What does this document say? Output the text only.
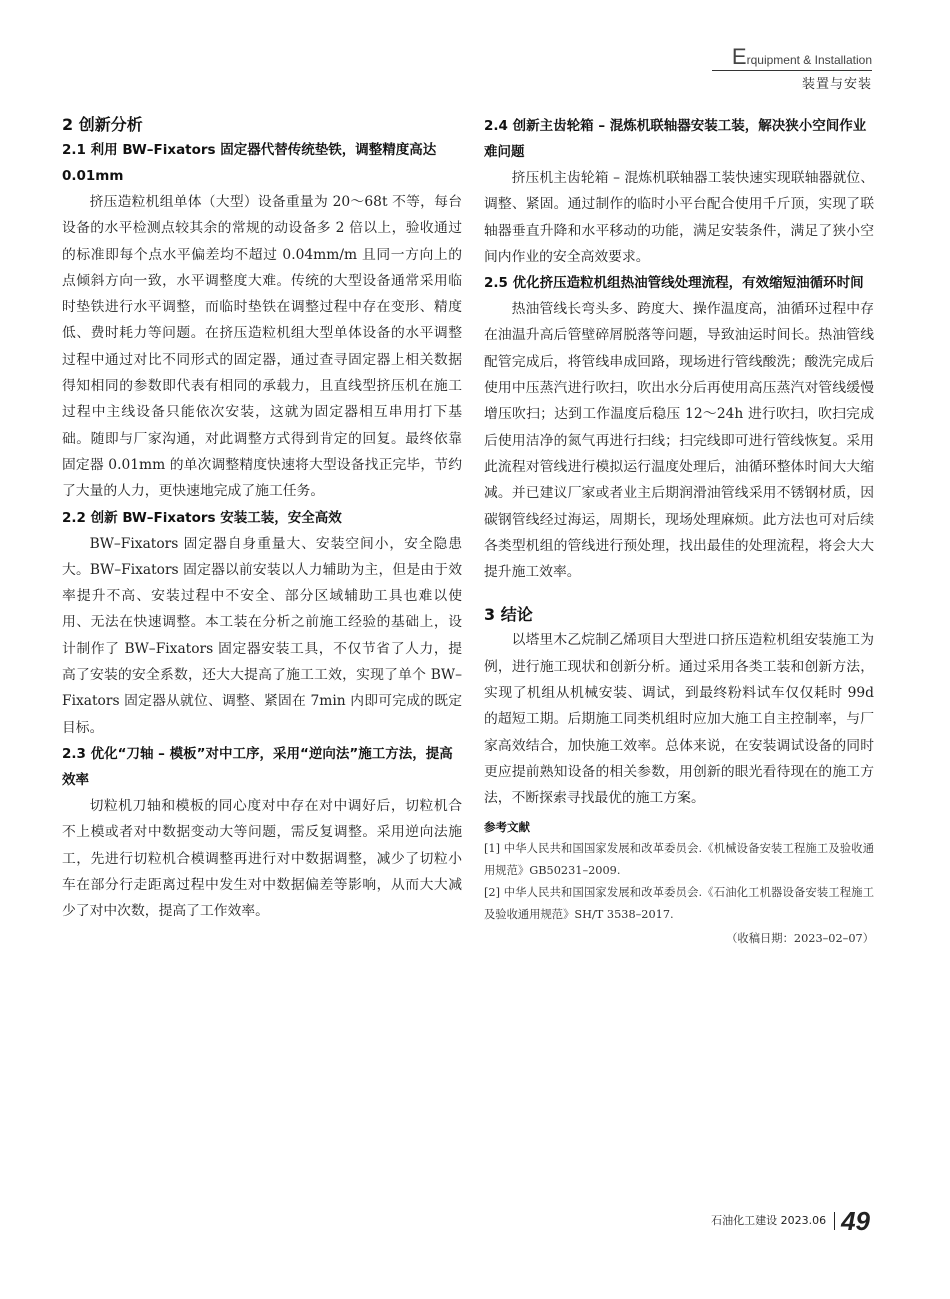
Erquipment & Installation
装置与安装
2 创新分析
2.1 利用 BW–Fixators 固定器代替传统垫铁，调整精度高达 0.01mm

挤压造粒机组单体（大型）设备重量为 20～68t 不等，每台设备的水平检测点较其余的常规的动设备多 2 倍以上，验收通过的标准即每个点水平偏差均不超过 0.04mm/m 且同一方向上的点倾斜方向一致，水平调整度大难。传统的大型设备通常采用临时垫铁进行水平调整，而临时垫铁在调整过程中存在变形、精度低、费时耗力等问题。在挤压造粒机组大型单体设备的水平调整过程中通过对比不同形式的固定器，通过查寻固定器上相关数据得知相同的参数即代表有相同的承载力，且直线型挤压机在施工过程中主线设备只能依次安装，这就为固定器相互串用打下基础。随即与厂家沟通，对此调整方式得到肯定的回复。最终依靠固定器 0.01mm 的单次调整精度快速将大型设备找正完毕，节约了大量的人力，更快速地完成了施工任务。

2.2 创新 BW–Fixators 安装工装，安全高效

BW–Fixators 固定器自身重量大、安装空间小，安全隐患大。BW–Fixators 固定器以前安装以人力辅助为主，但是由于效率提升不高、安装过程中不安全、部分区域辅助工具也难以使用、无法在快速调整。本工装在分析之前施工经验的基础上，设计制作了 BW–Fixators 固定器安装工具，不仅节省了人力，提高了安装的安全系数，还大大提高了施工工效，实现了单个 BW–Fixators 固定器从就位、调整、紧固在 7min 内即可完成的既定目标。

2.3 优化“刀轴 – 模板”对中工序，采用“逆向法”施工方法，提高效率

切粒机刀轴和模板的同心度对中存在对中调好后，切粒机合不上模或者对中数据变动大等问题，需反复调整。采用逆向法施工，先进行切粒机合模调整再进行对中数据调整，减少了切粒小车在部分行走距离过程中发生对中数据偏差等影响，从而大大减少了对中次数，提高了工作效率。

2.4 创新主齿轮箱 – 混炼机联轴器安装工装，解决狭小空间作业难问题

挤压机主齿轮箱 – 混炼机联轴器工装快速实现联轴器就位、调整、紧固。通过制作的临时小平台配合使用千斤顶，实现了联轴器垂直升降和水平移动的功能，满足安装条件，满足了狭小空间内作业的安全高效要求。

2.5 优化挤压造粒机组热油管线处理流程，有效缩短油循环时间

热油管线长弯头多、跨度大、操作温度高，油循环过程中存在油温升高后管壁碎屑脱落等问题，导致油运时间长。热油管线配管完成后，将管线串成回路，现场进行管线酸洗；酸洗完成后使用中压蒸汽进行吹扫，吹出水分后再使用高压蒸汽对管线缓慢增压吹扫；达到工作温度后稳压 12～24h 进行吹扫，吹扫完成后使用洁净的氮气再进行扫线；扫完线即可进行管线恢复。采用此流程对管线进行模拟运行温度处理后，油循环整体时间大大缩减。并已建议厂家或者业主后期润滑油管线采用不锈钢材质，因碳钢管线经过海运，周期长，现场处理麻烦。此方法也可对后续各类型机组的管线进行预处理，找出最佳的处理流程，将会大大提升施工效率。

3 结论

以塔里木乙烷制乙烯项目大型进口挤压造粒机组安装施工为例，进行施工现状和创新分析。通过采用各类工装和创新方法，实现了机组从机械安装、调试，到最终粉料试车仅仅耗时 99d 的超短工期。后期施工同类机组时应加大施工自主控制率，与厂家高效结合，加快施工效率。总体来说，在安装调试设备的同时更应提前熟知设备的相关参数，用创新的眼光看待现在的施工方法，不断探索寻找最优的施工方案。

参考文献

[1] 中华人民共和国国家发展和改革委员会.《机械设备安装工程施工及验收通用规范》GB50231–2009.

[2] 中华人民共和国国家发展和改革委员会.《石油化工机器设备安装工程施工及验收通用规范》SH/T 3538–2017.

（收稿日期：2023–02–07）
石油化工建设 2023.06 49
